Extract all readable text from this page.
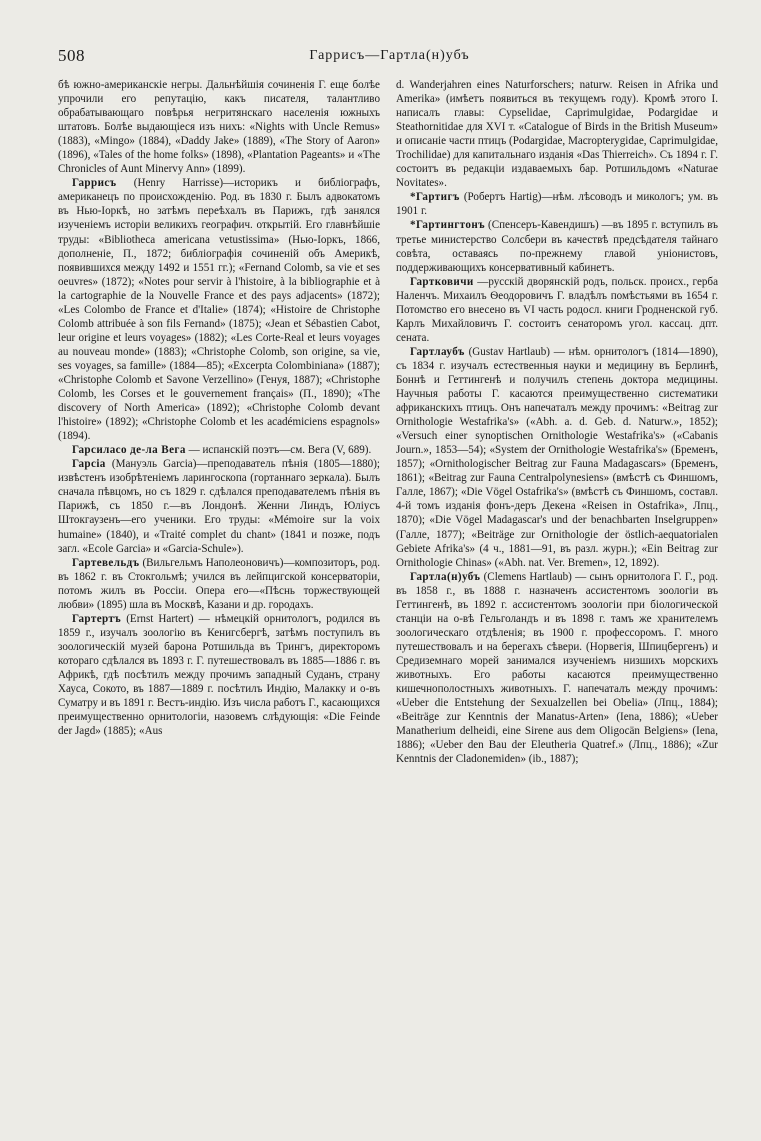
508	Гаррисъ—Гартла(н)убъ

бѣ южно-американскiе негры. Дальнѣйшiя сочиненiя Г. еще болѣе упрочили его репутацiю, какъ писателя, талантливо обрабатывающаго повѣрья негритянскаго населенiя южныхъ штатовъ. Болѣе выдающiеся изъ нихъ: «Nights with Uncle Remus» (1883), «Mingo» (1884), «Daddy Jake» (1889), «The Story of Aaron» (1896), «Tales of the home folks» (1898), «Plantation Pageants» и «The Chronicles of Aunt Minervy Ann» (1899).

Гаррисъ (Henry Harrisse)—историкъ и библiографъ, американецъ по происхожденiю. Род. въ 1830 г. Былъ адвокатомъ въ Нью-Iоркѣ, но затѣмъ переѣхалъ въ Парижъ, гдѣ занялся изученiемъ исторiи великихъ географич. открытiй. Его главнѣйшiе труды: «Bibliotheca americana vetustissima» (Нью-Iоркъ, 1866, дополненiе, П., 1872; библiографiя сочиненiй объ Америкѣ, появившихся между 1492 и 1551 гг.); «Fernand Colomb, sa vie et ses oeuvres» (1872); «Notes pour servir à l'histoire, à la bibliographie et à la cartographie de la Nouvelle France et des pays adjacents» (1872); «Les Colombo de France et d'Italie» (1874); «Histoire de Christophe Colomb attribuée à son fils Fernand» (1875); «Jean et Sébastien Cabot, leur origine et leurs voyages» (1882); «Les Corte-Real et leurs voyages au nouveau monde» (1883); «Christophe Colomb, son origine, sa vie, ses voyages, sa famille» (1884—85); «Excerpta Colombiniana» (1887); «Christophe Colomb et Savone Verzellino» (Генуя, 1887); «Christophe Colomb, les Corses et le gouvernement français» (П., 1890); «The discovery of North America» (1892); «Christophe Colomb devant l'histoire» (1892); «Christophe Colomb et les académiciens espagnols» (1894).

Гарсиласо де-ла Вега — испанскiй поэтъ—см. Вега (V, 689).

Гарсiа (Мануэль Garcia)—преподаватель пѣнiя (1805—1880); извѣстенъ изобрѣтенiемъ ларингоскопа (гортаннаго зеркала). Былъ сначала пѣвцомъ, но съ 1829 г. сдѣлался преподавателемъ пѣнiя въ Парижѣ, съ 1850 г.—въ Лондонѣ. Женни Линдъ, Юлiусъ Штокгаузенъ—его ученики. Его труды: «Mémoire sur la voix humaine» (1840), и «Traité complet du chant» (1841 и позже, подъ загл. «Ecole Garcia» и «Garcia-Schule»).

Гартевельдъ (Вильгельмъ Наполеоновичъ)—композиторъ, род. въ 1862 г. въ Стокгольмѣ; учился въ лейпцигской консерваторiи, потомъ жилъ въ Россiи. Опера его—«Пѣснь торжествующей любви» (1895) шла въ Москвѣ, Казани и др. городахъ.

Гартертъ (Ernst Hartert) — нѣмецкiй орнитологъ, родился въ 1859 г., изучалъ зоологiю въ Кенигсбергѣ, затѣмъ поступилъ въ зоологическiй музей барона Ротшильда въ Трингъ, директоромъ котораго сдѣлался въ 1893 г. Г. путешествовалъ въ 1885—1886 г. въ Африкѣ, гдѣ посѣтилъ между прочимъ западный Суданъ, страну Хауса, Сокото, въ 1887—1889 г. посѣтилъ Индiю, Малакку и о-въ Суматру и въ 1891 г. Вестъ-индiю. Изъ числа работъ Г., касающихся преимущественно орнитологiи, назовемъ слѣдующiя: «Die Feinde der Jagd» (1885); «Aus

d. Wanderjahren eines Naturforschers; naturw. Reisen in Afrika und Amerika» (имѣетъ появиться въ текущемъ году). Кромѣ этого I. написалъ главы: Cypselidae, Caprimulgidae, Podargidae и Steathornitidae для XVI т. «Catalogue of Birds in the British Museum» и описанiе части птицъ (Podargidae, Macropterygidae, Caprimulgidae, Trochilidae) для капитальнаго изданiя «Das Thierreich». Съ 1894 г. Г. состоитъ въ редакцiи издаваемыхъ бар. Ротшильдомъ «Naturae Novitates».

*Гартигъ (Робертъ Hartig)—нѣм. лѣсоводъ и микологъ; ум. въ 1901 г.

*Гартингтонъ (Спенсеръ-Кавендишъ) —въ 1895 г. вступилъ въ третье министерство Солсбери въ качествѣ предсѣдателя тайнаго совѣта, оставаясь по-прежнему главой унiонистовъ, поддерживающихъ консервативный кабинетъ.

Гартковичи —русскiй дворянскiй родъ, польск. происх., герба Наленчъ. Михаилъ Ѳеодоровичъ Г. владѣлъ помѣстьями въ 1654 г. Потомство его внесено въ VI часть родосл. книги Гродненской губ. Карлъ Михайловичъ Г. состоитъ сенаторомъ угол. кассац. дпт. сената.

Гартлаубъ (Gustav Hartlaub) — нѣм. орнитологъ (1814—1890), съ 1834 г. изучалъ естественныя науки и медицину въ Берлинѣ, Боннѣ и Геттингенѣ и получилъ степень доктора медицины. Научныя работы Г. касаются преимущественно систематики африканскихъ птицъ. Онъ напечаталъ между прочимъ: «Beitrag zur Ornithologie Westafrika's» («Abh. a. d. Geb. d. Naturw.», 1852); «Versuch einer synoptischen Ornithologie Westafrika's» («Cabanis Journ.», 1853—54); «System der Ornithologie Westafrika's» (Бременъ, 1857); «Ornithologischer Beitrag zur Fauna Madagascars» (Бременъ, 1861); «Beitrag zur Fauna Centralpolynesiens» (вмѣстѣ съ Финшомъ, Галле, 1867); «Die Vögel Ostafrika's» (вмѣстѣ съ Финшомъ, составл. 4-й томъ изданiя фонъ-деръ Декена «Reisen in Ostafrika», Лпц., 1870); «Die Vögel Madagascar's und der benachbarten Inselgruppen» (Галле, 1877); «Beiträge zur Ornithologie der östlich-aequatorialen Gebiete Afrika's» (4 ч., 1881—91, въ разл. журн.); «Ein Beitrag zur Ornithologie Chinas» («Abh. nat. Ver. Bremen», 12, 1892).

Гартла(н)убъ (Clemens Hartlaub) — сынъ орнитолога Г. Г., род. въ 1858 г., въ 1888 г. назначенъ ассистентомъ зоологiи въ Геттингенѣ, въ 1892 г. ассистентомъ зоологiи при бiологической станцiи на о-вѣ Гельголандъ и въ 1898 г. тамъ же хранителемъ зоологическаго отдѣленiя; въ 1900 г. профессоромъ. Г. много путешествовалъ и на берегахъ сѣвери. (Норвегiя, Шпицбергенъ) и Средиземнаго морей занимался изученiемъ низшихъ морскихъ животныхъ. Его работы касаются преимущественно кишечнополостныхъ животныхъ. Г. напечаталъ между прочимъ: «Ueber die Entstehung der Sexualzellen bei Obelia» (Лпц., 1884); «Beiträge zur Kenntnis der Manatus-Arten» (Iena, 1886); «Ueber Manatherium delheidi, eine Sirene aus dem Oligocän Belgiens» (Iena, 1886); «Ueber den Bau der Eleutheria Quatref.» (Лпц., 1886); «Zur Kenntnis der Cladonemiden» (ib., 1887);
